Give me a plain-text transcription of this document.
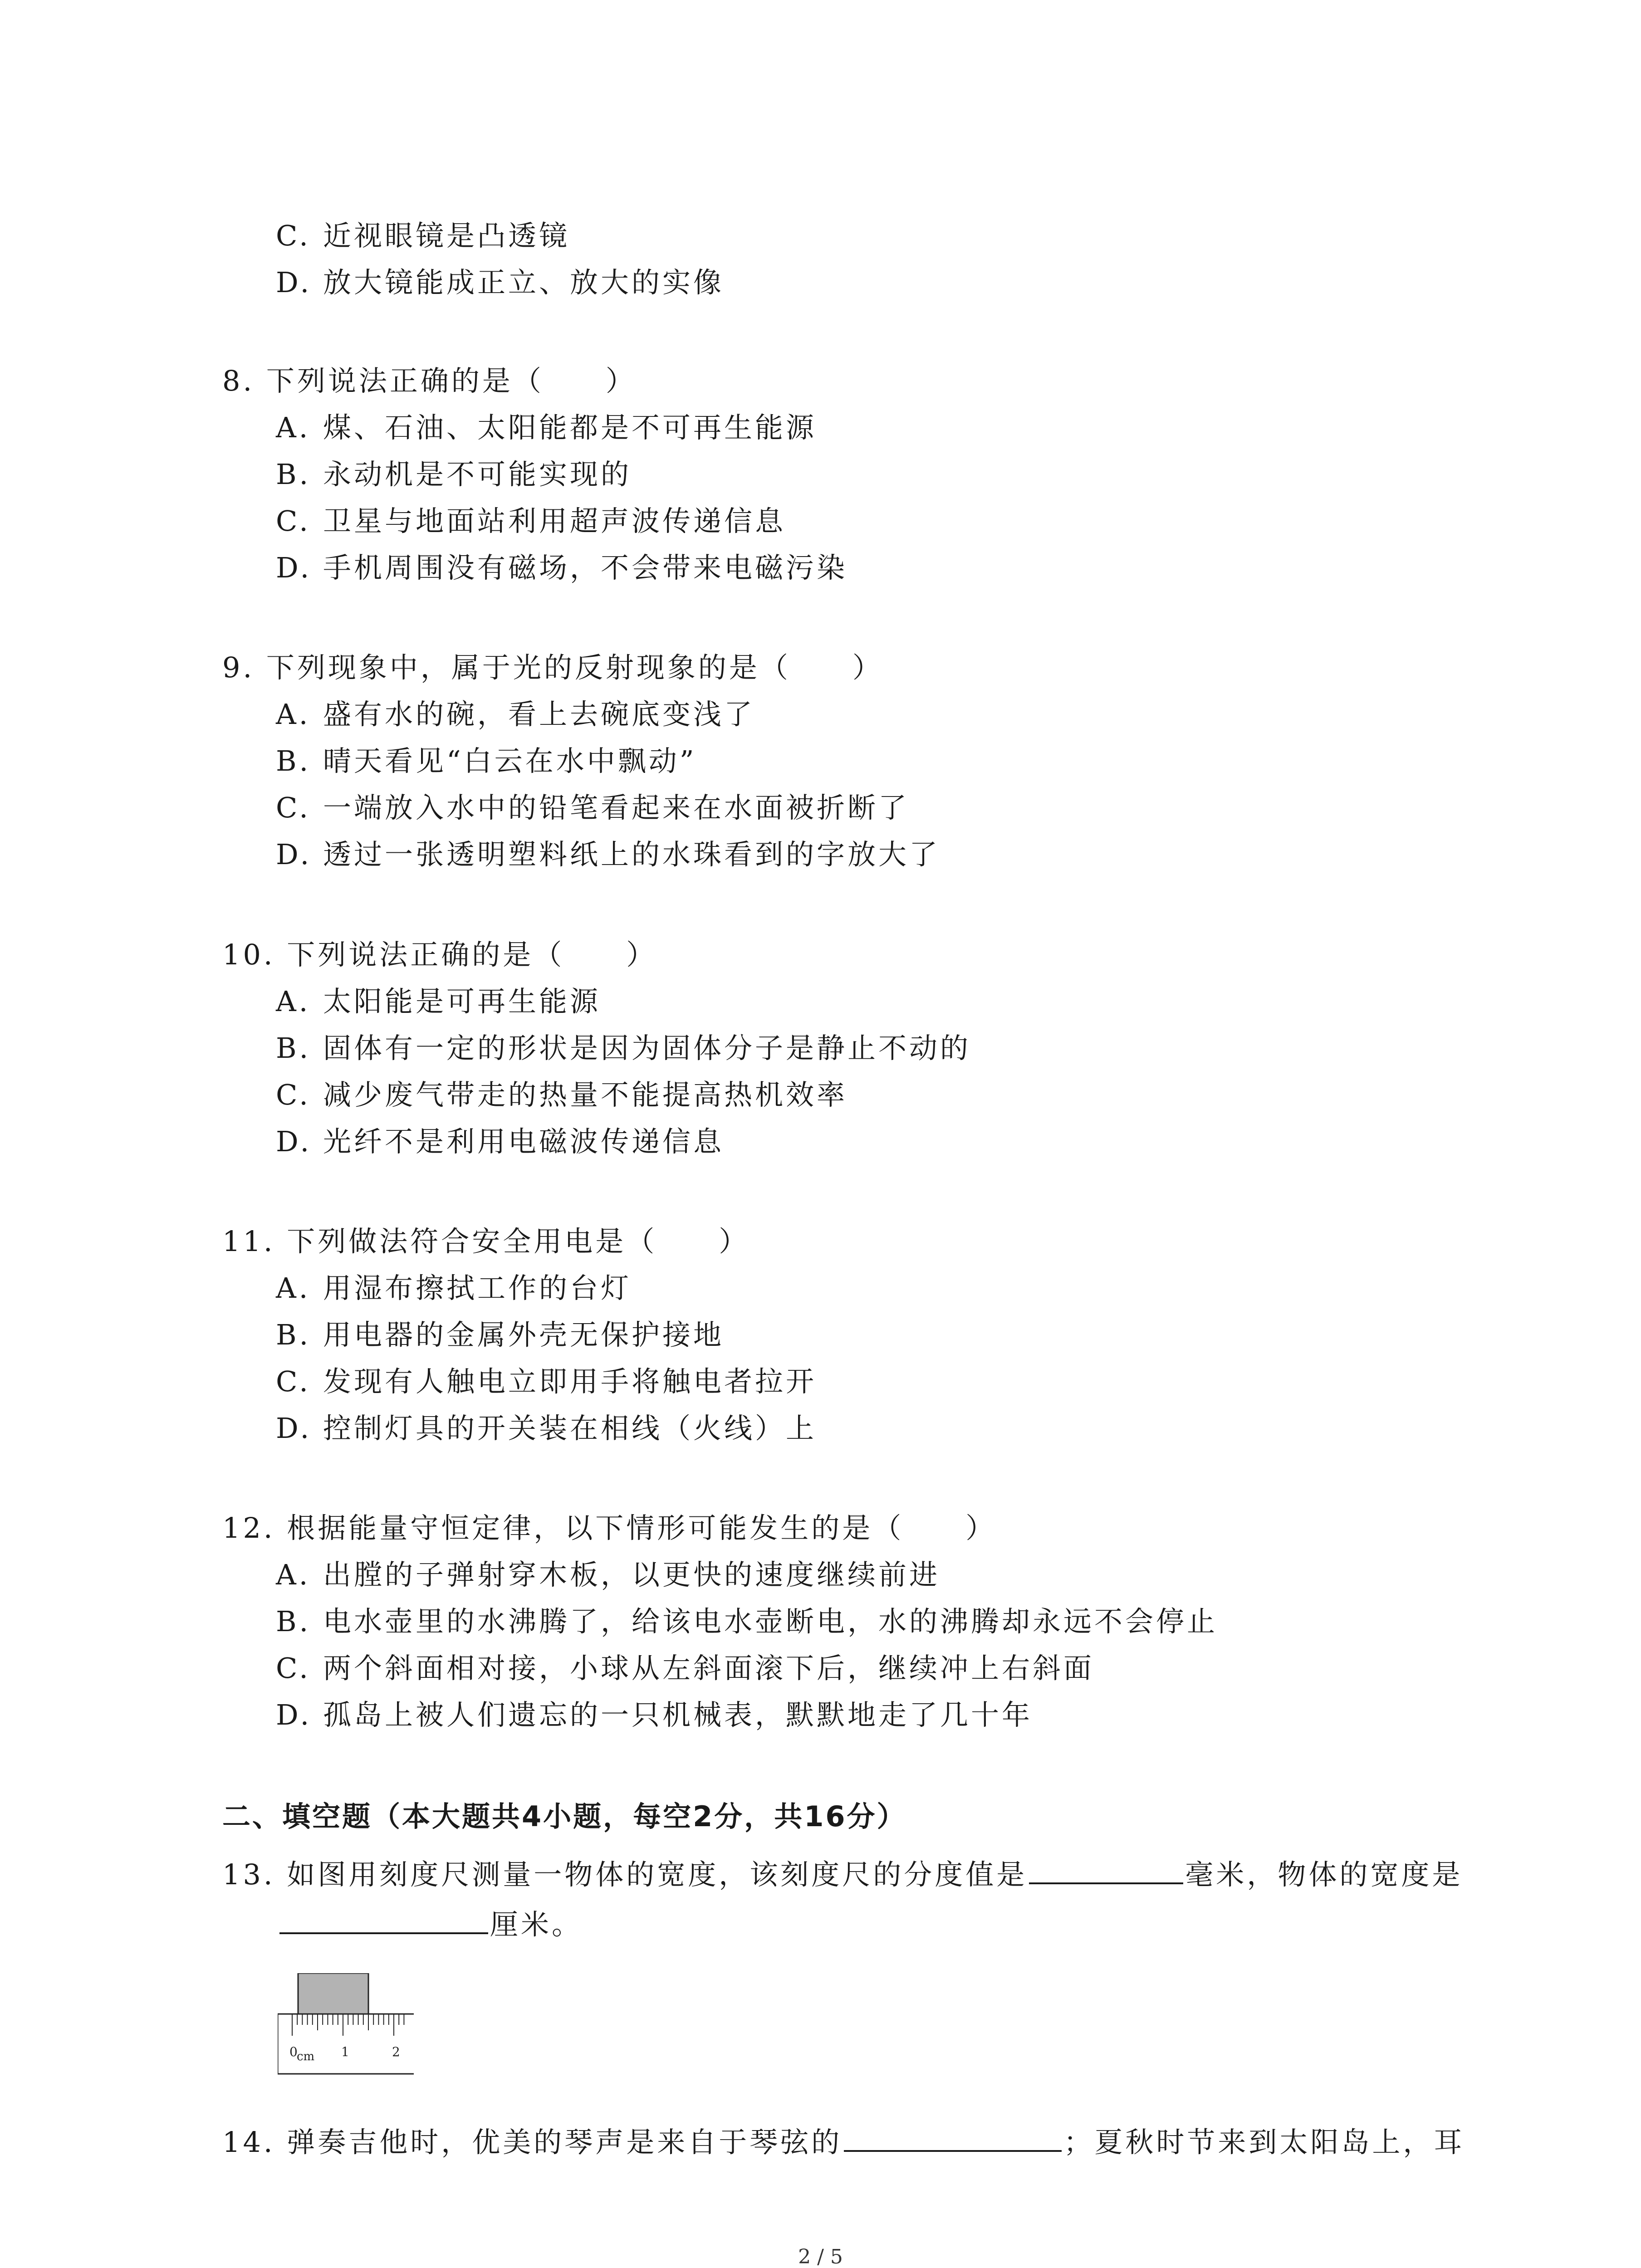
C. 近视眼镜是凸透镜
D. 放大镜能成正立、放大的实像
8. 下列说法正确的是（　　）
A. 煤、石油、太阳能都是不可再生能源
B. 永动机是不可能实现的
C. 卫星与地面站利用超声波传递信息
D. 手机周围没有磁场，不会带来电磁污染
9. 下列现象中，属于光的反射现象的是（　　）
A. 盛有水的碗，看上去碗底变浅了
B. 晴天看见“白云在水中飘动”
C. 一端放入水中的铅笔看起来在水面被折断了
D. 透过一张透明塑料纸上的水珠看到的字放大了
10. 下列说法正确的是（　　）
A. 太阳能是可再生能源
B. 固体有一定的形状是因为固体分子是静止不动的
C. 减少废气带走的热量不能提高热机效率
D. 光纤不是利用电磁波传递信息
11. 下列做法符合安全用电是（　　）
A. 用湿布擦拭工作的台灯
B. 用电器的金属外壳无保护接地
C. 发现有人触电立即用手将触电者拉开
D. 控制灯具的开关装在相线（火线）上
12. 根据能量守恒定律，以下情形可能发生的是（　　）
A. 出膛的子弹射穿木板，以更快的速度继续前进
B. 电水壶里的水沸腾了，给该电水壶断电，水的沸腾却永远不会停止
C. 两个斜面相对接，小球从左斜面滚下后，继续冲上右斜面
D. 孤岛上被人们遗忘的一只机械表，默默地走了几十年
二、填空题（本大题共4小题，每空2分，共16分）
13. 如图用刻度尺测量一物体的宽度，该刻度尺的分度值是	毫米，物体的宽度是
厘米。
0
cm 1	2
14. 弹奏吉他时，优美的琴声是来自于琴弦的	；夏秋时节来到太阳岛上，耳
2 / 5
